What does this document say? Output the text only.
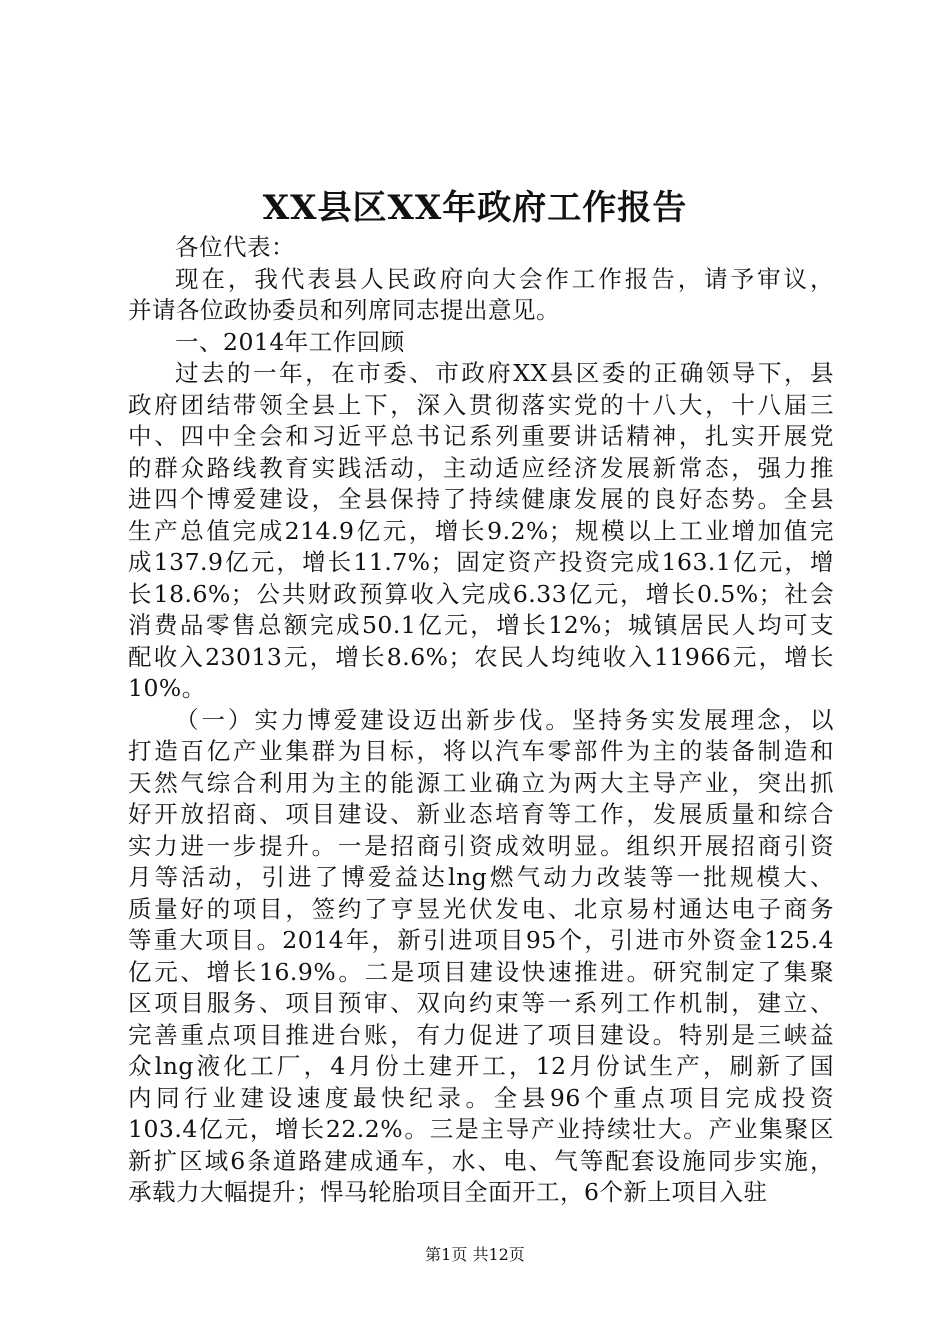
XX县区XX年政府工作报告

各位代表：

现在，我代表县人民政府向大会作工作报告，请予审议，
并请各位政协委员和列席同志提出意见。

一、2014年工作回顾

过去的一年，在市委、市政府XX县区委的正确领导下，县
政府团结带领全县上下，深入贯彻落实党的十八大，十八届三
中、四中全会和习近平总书记系列重要讲话精神，扎实开展党
的群众路线教育实践活动，主动适应经济发展新常态，强力推
进四个博爱建设，全县保持了持续健康发展的良好态势。全县
生产总值完成214.9亿元，增长9.2%；规模以上工业增加值完
成137.9亿元，增长11.7%；固定资产投资完成163.1亿元，增
长18.6%；公共财政预算收入完成6.33亿元，增长0.5%；社会
消费品零售总额完成50.1亿元，增长12%；城镇居民人均可支
配收入23013元，增长8.6%；农民人均纯收入11966元，增长
10%。

（一）实力博爱建设迈出新步伐。坚持务实发展理念，以
打造百亿产业集群为目标，将以汽车零部件为主的装备制造和
天然气综合利用为主的能源工业确立为两大主导产业，突出抓
好开放招商、项目建设、新业态培育等工作，发展质量和综合
实力进一步提升。一是招商引资成效明显。组织开展招商引资
月等活动，引进了博爱益达lng燃气动力改装等一批规模大、
质量好的项目，签约了亨昱光伏发电、北京易村通达电子商务
等重大项目。2014年，新引进项目95个，引进市外资金125.4
亿元、增长16.9%。二是项目建设快速推进。研究制定了集聚
区项目服务、项目预审、双向约束等一系列工作机制，建立、
完善重点项目推进台账，有力促进了项目建设。特别是三峡益
众lng液化工厂，4月份土建开工，12月份试生产，刷新了国
内同行业建设速度最快纪录。全县96个重点项目完成投资
103.4亿元，增长22.2%。三是主导产业持续壮大。产业集聚区
新扩区域6条道路建成通车，水、电、气等配套设施同步实施，
承载力大幅提升；悍马轮胎项目全面开工，6个新上项目入驻

第1页 共12页
